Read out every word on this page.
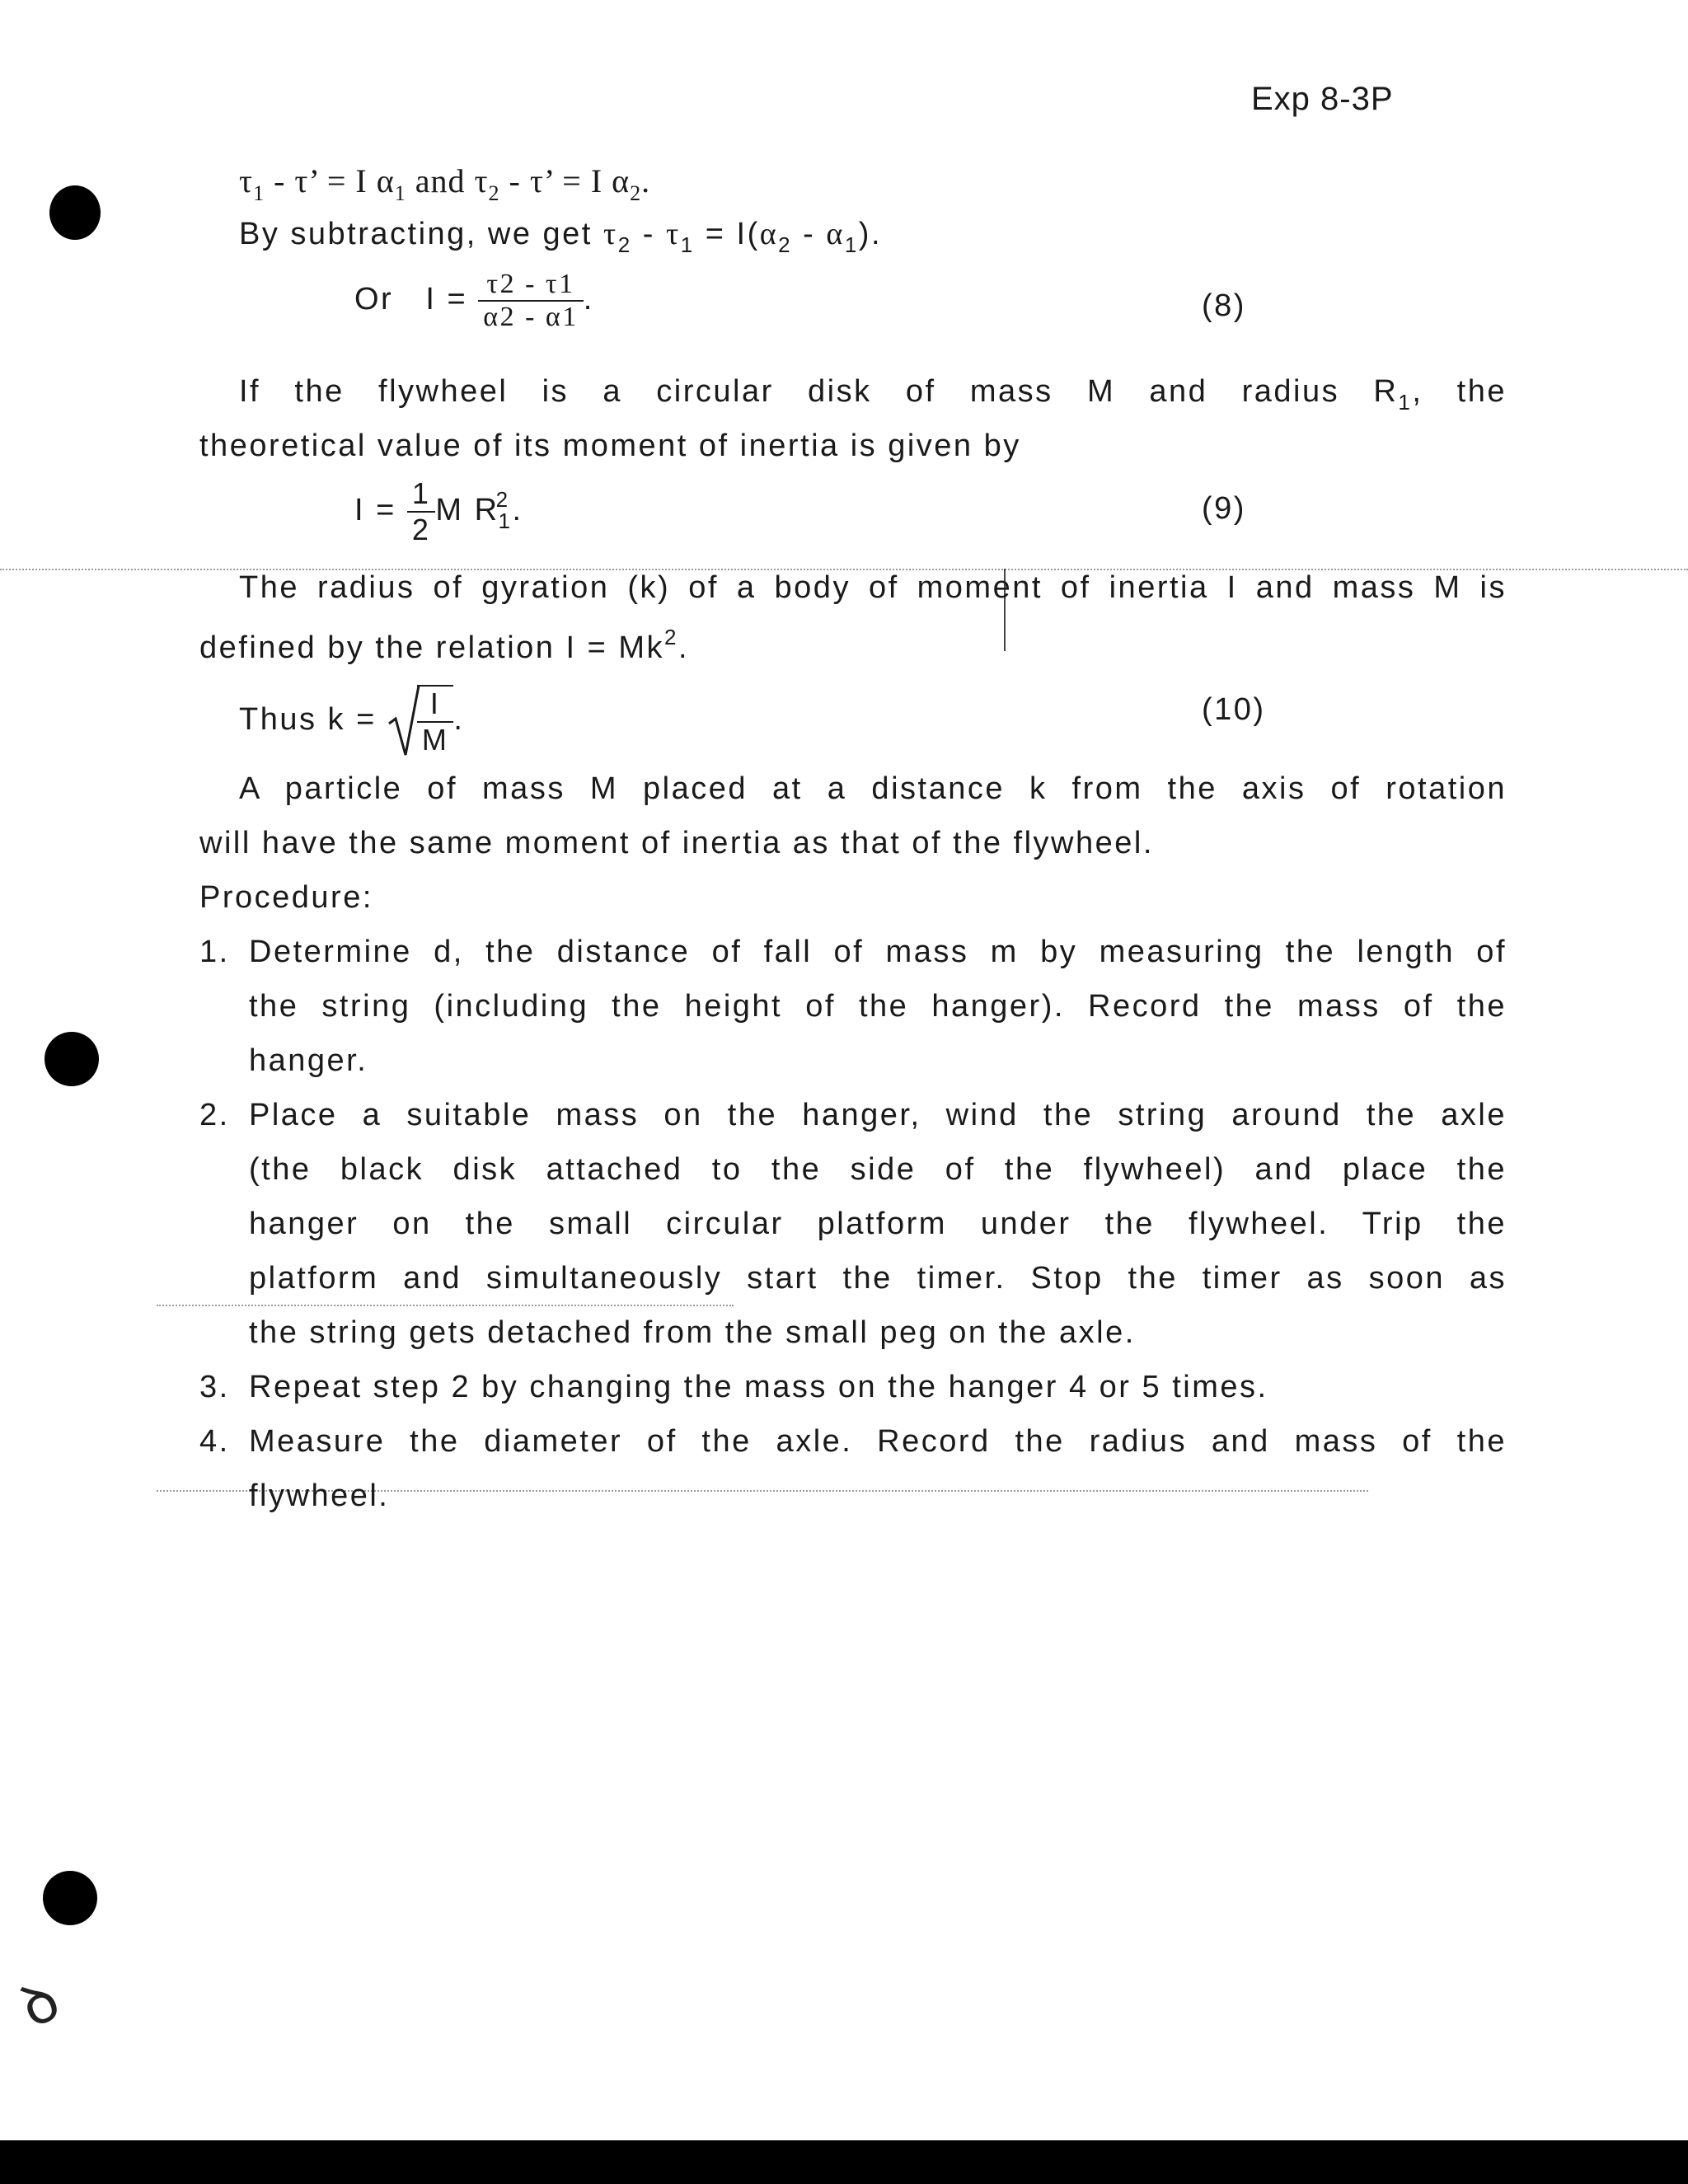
Exp 8-3P
$\tau_1$ - τ’ = I $\alpha_1$ and $\tau_2$ - τ’ = I $\alpha_2$.
By subtracting, we get $\tau_2 - \tau_1 = I(\alpha_2 - \alpha_1)$.
Or $I = \frac{\tau 2 - \tau 1}{\alpha 2 - \alpha 1}$ .	(8)
If the flywheel is a circular disk of mass M and radius $R_1$, the
theoretical value of its moment of inertia is given by
$I = \frac{1}{2}$ M $R^2_1$.	(9)
The radius of gyration (k) of a body of moment of inertia I and mass M is
defined by the relation $I = Mk^2$.
Thus $k = \frac{I}{M}$ .	(10)
A particle of mass M placed at a distance k from the axis of rotation
will have the same moment of inertia as that of the flywheel.
Procedure:
1. Determine d, the distance of fall of mass m by measuring the length of
the string (including the height of the hanger). Record the mass of the
hanger.
2. Place a suitable mass on the hanger, wind the string around the axle
(the black disk attached to the side of the flywheel) and place the
hanger on the small circular platform under the flywheel. Trip the
platform and simultaneously start the timer. Stop the timer as soon as
the string gets detached from the small peg on the axle.
3. Repeat step 2 by changing the mass on the hanger 4 or 5 times.
4. Measure the diameter of the axle. Record the radius and mass of the
flywheel.
ꝺ
